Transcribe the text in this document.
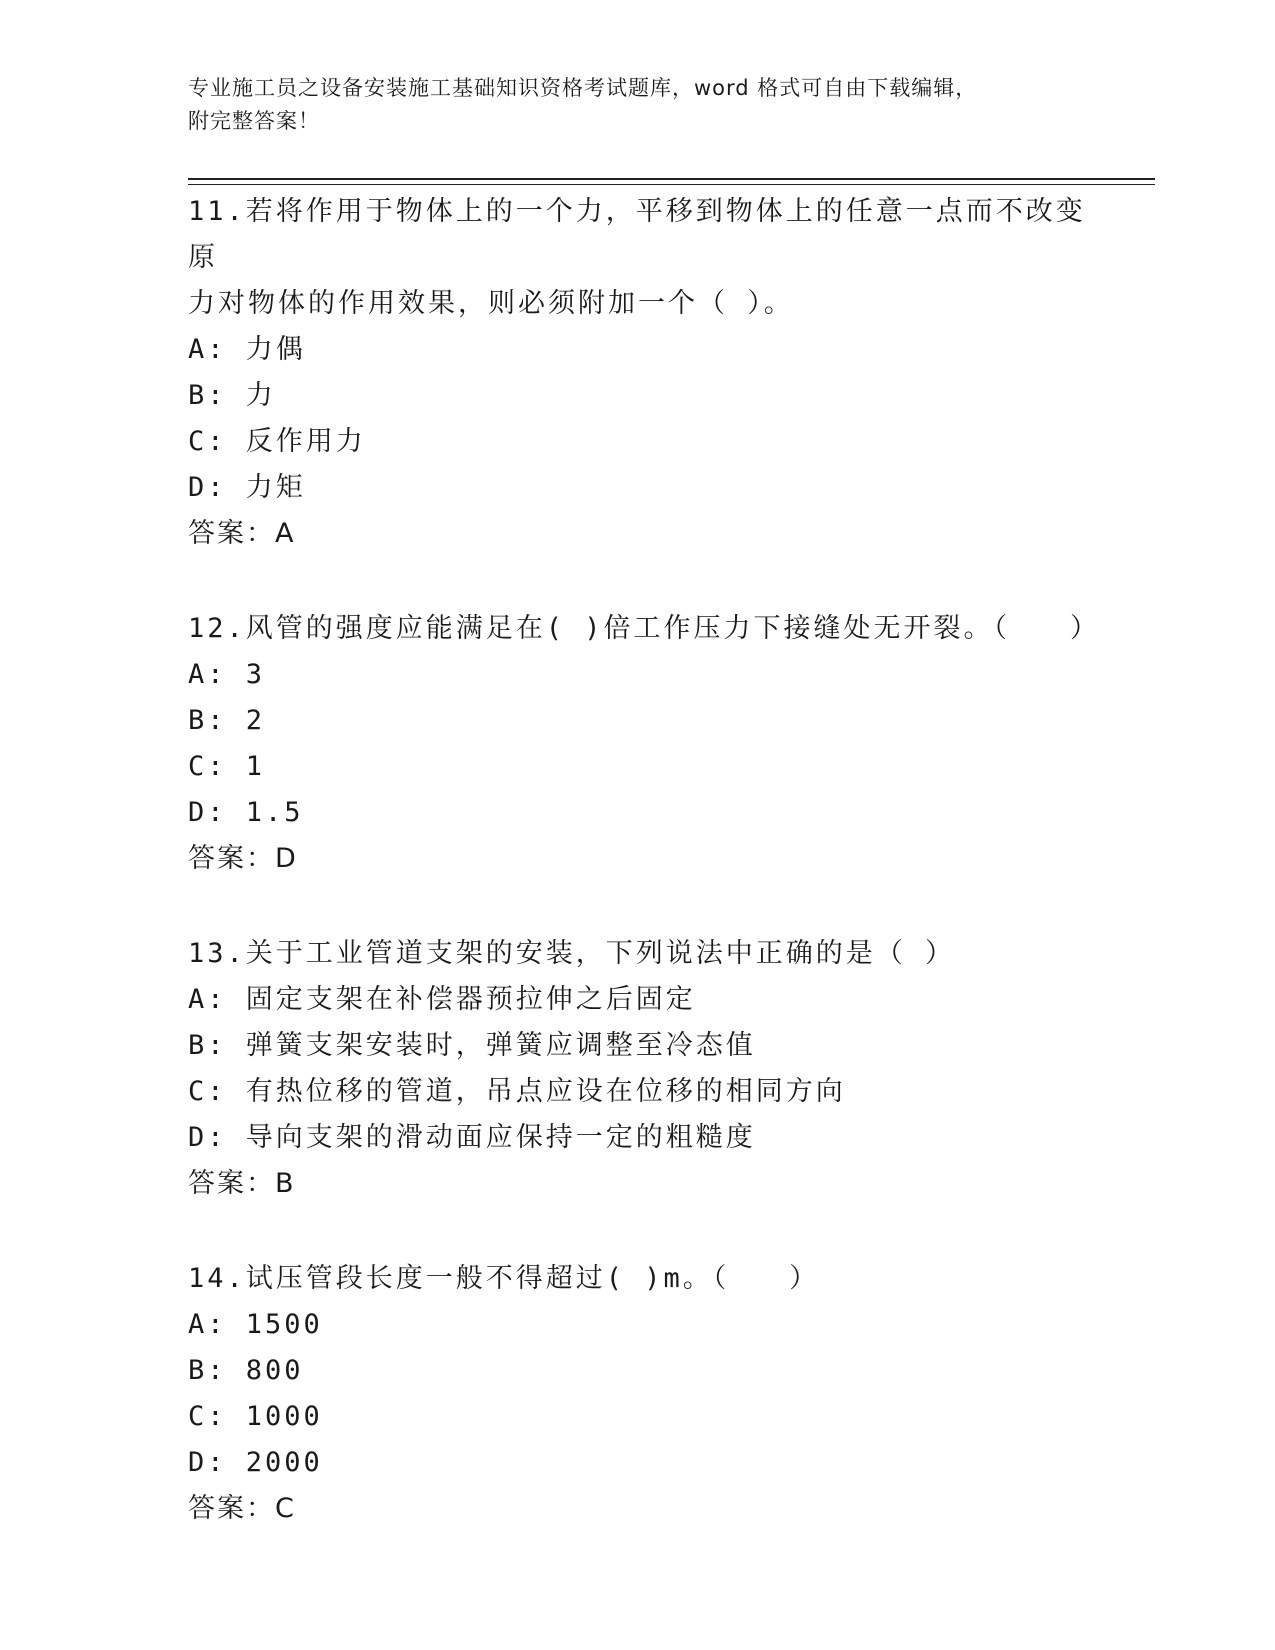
专业施工员之设备安装施工基础知识资格考试题库，word 格式可自由下载编辑，
附完整答案！
11.若将作用于物体上的一个力，平移到物体上的任意一点而不改变原
力对物体的作用效果，则必须附加一个（ ）。
A: 力偶
B: 力
C: 反作用力
D: 力矩
答案：A
12.风管的强度应能满足在( )倍工作压力下接缝处无开裂。（　　）
A: 3
B: 2
C: 1
D: 1.5
答案：D
13.关于工业管道支架的安装，下列说法中正确的是（ ）
A: 固定支架在补偿器预拉伸之后固定
B: 弹簧支架安装时，弹簧应调整至冷态值
C: 有热位移的管道，吊点应设在位移的相同方向
D: 导向支架的滑动面应保持一定的粗糙度
答案：B
14.试压管段长度一般不得超过( )m。（　　）
A: 1500
B: 800
C: 1000
D: 2000
答案：C
